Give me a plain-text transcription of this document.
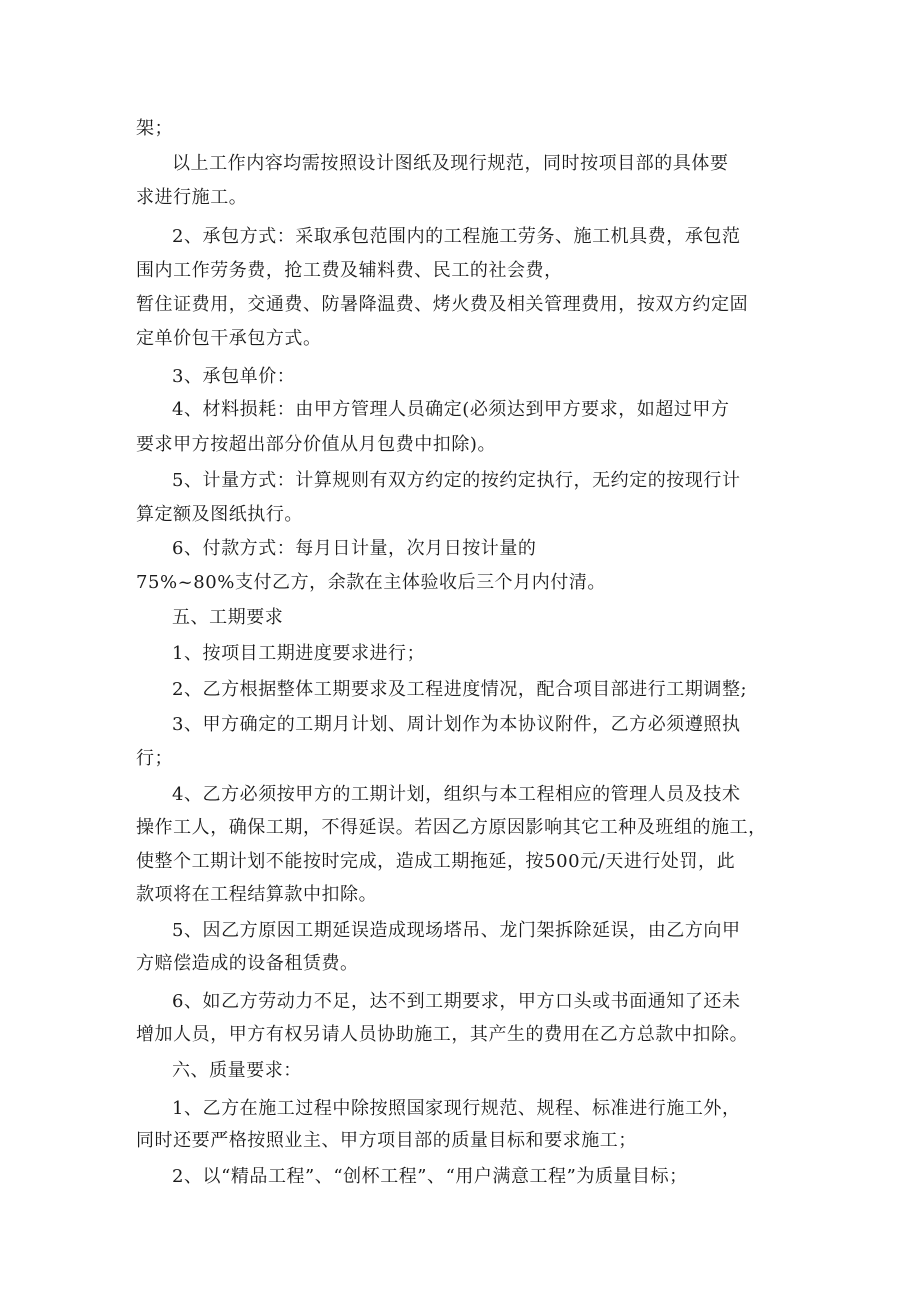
架；
以上工作内容均需按照设计图纸及现行规范，同时按项目部的具体要
求进行施工。
2、承包方式：采取承包范围内的工程施工劳务、施工机具费，承包范
围内工作劳务费，抢工费及辅料费、民工的社会费，
暂住证费用，交通费、防暑降温费、烤火费及相关管理费用，按双方约定固
定单价包干承包方式。
3、承包单价：
4、材料损耗：由甲方管理人员确定(必须达到甲方要求，如超过甲方
要求甲方按超出部分价值从月包费中扣除)。
5、计量方式：计算规则有双方约定的按约定执行，无约定的按现行计
算定额及图纸执行。
6、付款方式：每月日计量，次月日按计量的
75%~80%支付乙方，余款在主体验收后三个月内付清。
五、工期要求
1、按项目工期进度要求进行；
2、乙方根据整体工期要求及工程进度情况，配合项目部进行工期调整;
3、甲方确定的工期月计划、周计划作为本协议附件，乙方必须遵照执
行；
4、乙方必须按甲方的工期计划，组织与本工程相应的管理人员及技术
操作工人，确保工期，不得延误。若因乙方原因影响其它工种及班组的施工，
使整个工期计划不能按时完成，造成工期拖延，按500元/天进行处罚，此
款项将在工程结算款中扣除。
5、因乙方原因工期延误造成现场塔吊、龙门架拆除延误，由乙方向甲
方赔偿造成的设备租赁费。
6、如乙方劳动力不足，达不到工期要求，甲方口头或书面通知了还未
增加人员，甲方有权另请人员协助施工，其产生的费用在乙方总款中扣除。
六、质量要求：
1、乙方在施工过程中除按照国家现行规范、规程、标准进行施工外，
同时还要严格按照业主、甲方项目部的质量目标和要求施工；
2、以“精品工程”、“创杯工程”、“用户满意工程”为质量目标；
